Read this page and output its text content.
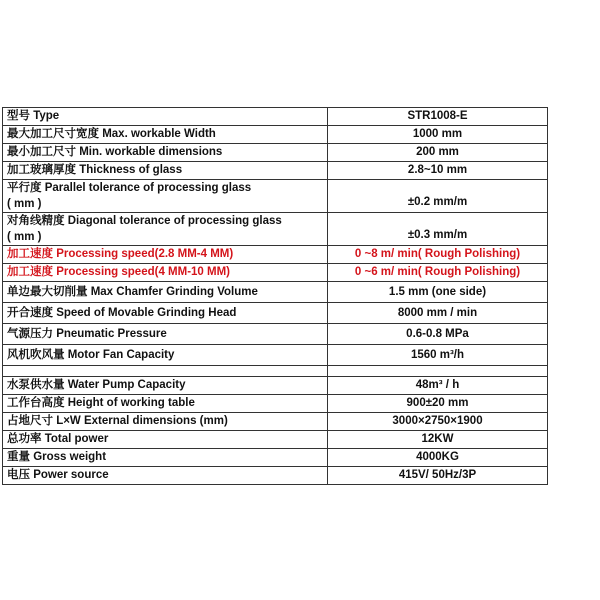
型号 Type	STR1008-E
最大加工尺寸宽度 Max. workable Width	1000 mm
最小加工尺寸 Min. workable dimensions	200 mm
加工玻璃厚度 Thickness of glass	2.8~10 mm
平行度 Parallel tolerance of processing glass
( mm )	±0.2 mm/m
对角线精度 Diagonal tolerance of processing glass
( mm )	±0.3 mm/m
加工速度 Processing speed(2.8 MM-4 MM)	0 ~8 m/ min( Rough Polishing)
加工速度 Processing speed(4 MM-10 MM)	0 ~6 m/ min( Rough Polishing)
单边最大切削量 Max Chamfer Grinding Volume	1.5 mm (one side)
开合速度 Speed of Movable Grinding Head	8000 mm / min
气源压力 Pneumatic Pressure	0.6-0.8 MPa
风机吹风量 Motor Fan Capacity	1560 m³/h

水泵供水量 Water Pump Capacity	48m³ / h
工作台高度 Height of working table	900±20 mm
占地尺寸 L×W External dimensions (mm)	3000×2750×1900
总功率 Total power	12KW
重量 Gross weight	4000KG
电压 Power source	415V/ 50Hz/3P
